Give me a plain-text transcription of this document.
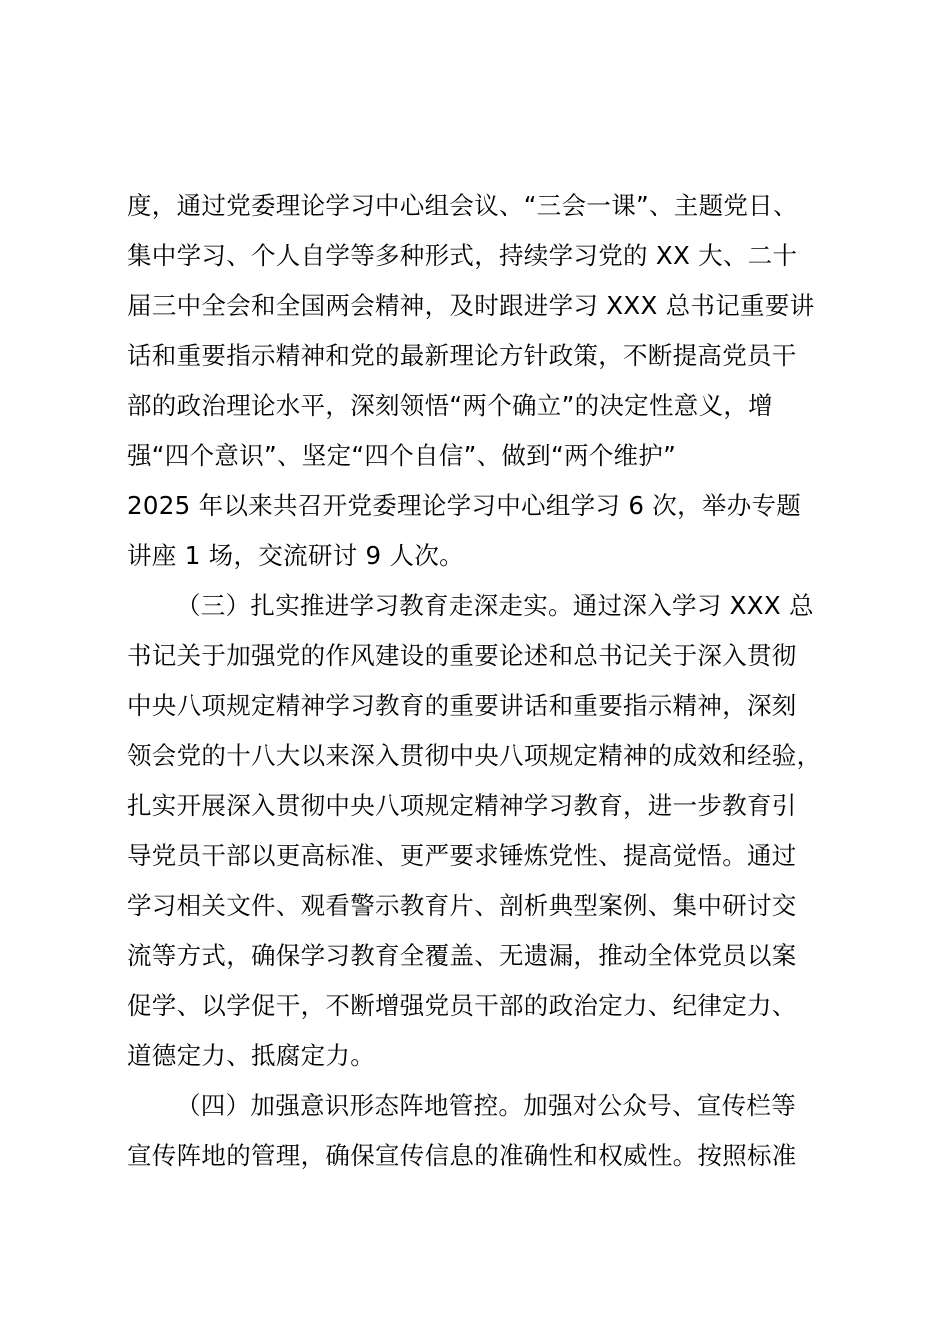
度，通过党委理论学习中心组会议、“三会一课”、主题党日、
集中学习、个人自学等多种形式，持续学习党的 XX 大、二十
届三中全会和全国两会精神，及时跟进学习 XXX 总书记重要讲
话和重要指示精神和党的最新理论方针政策，不断提高党员干
部的政治理论水平，深刻领悟“两个确立”的决定性意义，增
强“四个意识”、坚定“四个自信”、做到“两个维护”
2025 年以来共召开党委理论学习中心组学习 6 次，举办专题
讲座 1 场，交流研讨 9 人次。
（三）扎实推进学习教育走深走实。通过深入学习 XXX 总
书记关于加强党的作风建设的重要论述和总书记关于深入贯彻
中央八项规定精神学习教育的重要讲话和重要指示精神，深刻
领会党的十八大以来深入贯彻中央八项规定精神的成效和经验，
扎实开展深入贯彻中央八项规定精神学习教育，进一步教育引
导党员干部以更高标准、更严要求锤炼党性、提高觉悟。通过
学习相关文件、观看警示教育片、剖析典型案例、集中研讨交
流等方式，确保学习教育全覆盖、无遗漏，推动全体党员以案
促学、以学促干，不断增强党员干部的政治定力、纪律定力、
道德定力、抵腐定力。
（四）加强意识形态阵地管控。加强对公众号、宣传栏等
宣传阵地的管理，确保宣传信息的准确性和权威性。按照标准
